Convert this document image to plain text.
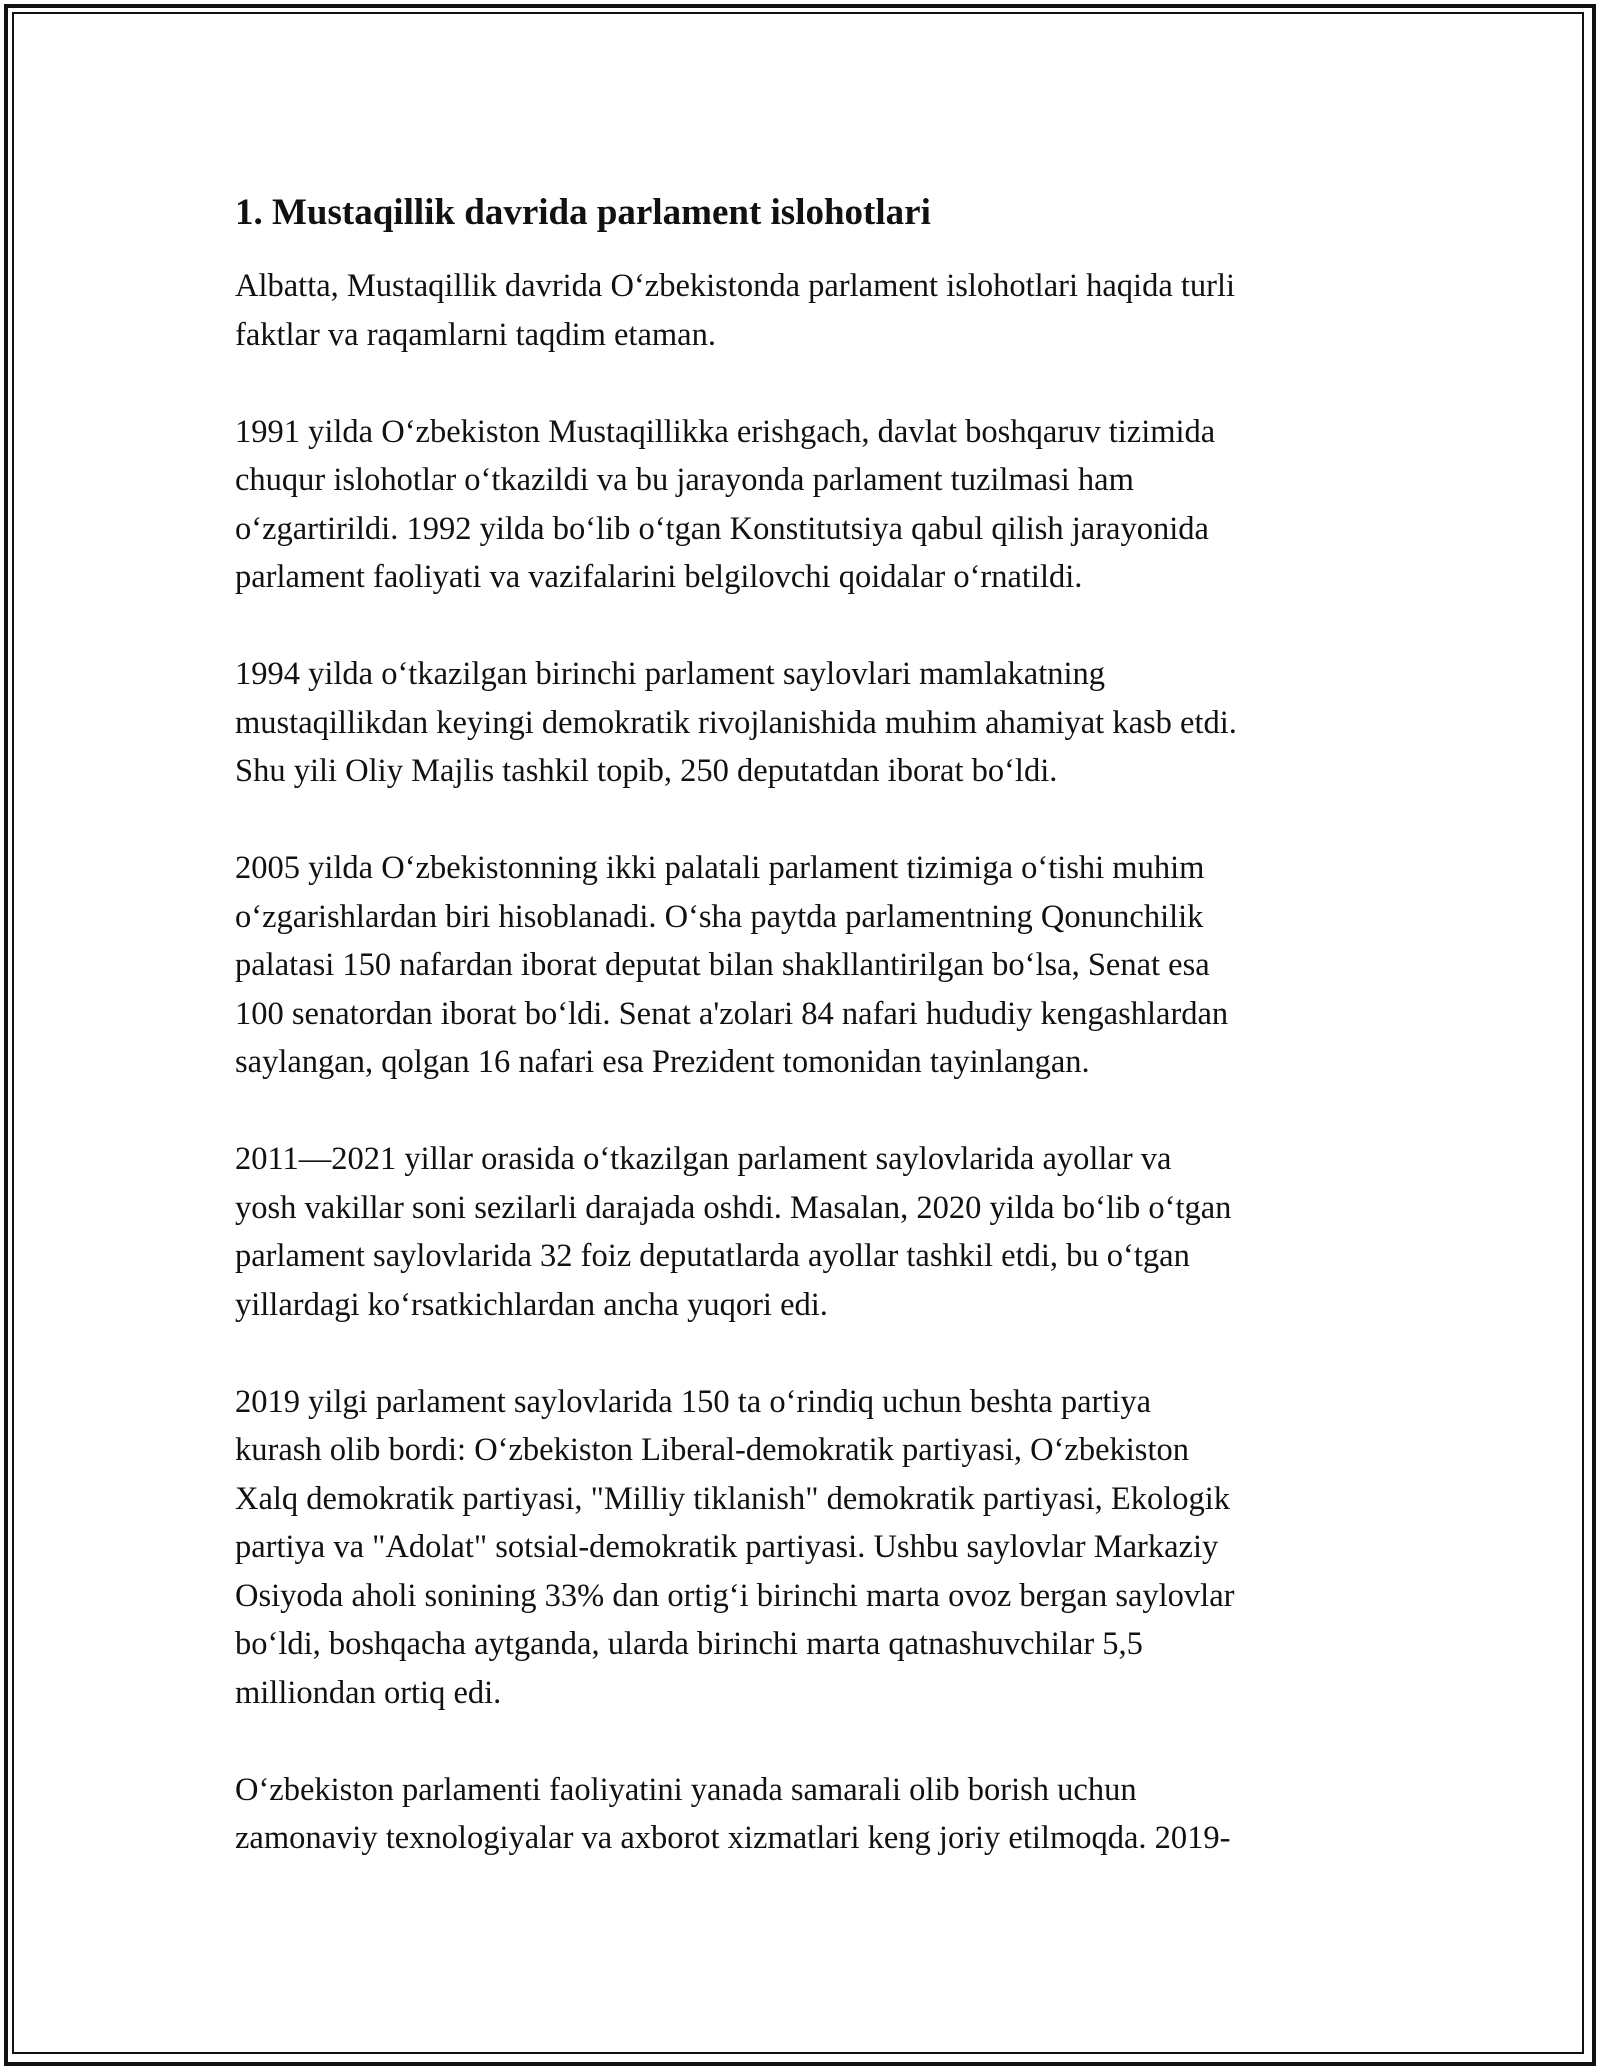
1. Mustaqillik davrida parlament islohotlari
Albatta, Mustaqillik davrida O‘zbekistonda parlament islohotlari haqida turli
faktlar va raqamlarni taqdim etaman.
1991 yilda O‘zbekiston Mustaqillikka erishgach, davlat boshqaruv tizimida
chuqur islohotlar o‘tkazildi va bu jarayonda parlament tuzilmasi ham
o‘zgartirildi. 1992 yilda bo‘lib o‘tgan Konstitutsiya qabul qilish jarayonida
parlament faoliyati va vazifalarini belgilovchi qoidalar o‘rnatildi.
1994 yilda o‘tkazilgan birinchi parlament saylovlari mamlakatning
mustaqillikdan keyingi demokratik rivojlanishida muhim ahamiyat kasb etdi.
Shu yili Oliy Majlis tashkil topib, 250 deputatdan iborat bo‘ldi.
2005 yilda O‘zbekistonning ikki palatali parlament tizimiga o‘tishi muhim
o‘zgarishlardan biri hisoblanadi. O‘sha paytda parlamentning Qonunchilik
palatasi 150 nafardan iborat deputat bilan shakllantirilgan bo‘lsa, Senat esa
100 senatordan iborat bo‘ldi. Senat a'zolari 84 nafari hududiy kengashlardan
saylangan, qolgan 16 nafari esa Prezident tomonidan tayinlangan.
2011—2021 yillar orasida o‘tkazilgan parlament saylovlarida ayollar va
yosh vakillar soni sezilarli darajada oshdi. Masalan, 2020 yilda bo‘lib o‘tgan
parlament saylovlarida 32 foiz deputatlarda ayollar tashkil etdi, bu o‘tgan
yillardagi ko‘rsatkichlardan ancha yuqori edi.
2019 yilgi parlament saylovlarida 150 ta o‘rindiq uchun beshta partiya
kurash olib bordi: O‘zbekiston Liberal-demokratik partiyasi, O‘zbekiston
Xalq demokratik partiyasi, "Milliy tiklanish" demokratik partiyasi, Ekologik
partiya va "Adolat" sotsial-demokratik partiyasi. Ushbu saylovlar Markaziy
Osiyoda aholi sonining 33% dan ortig‘i birinchi marta ovoz bergan saylovlar
bo‘ldi, boshqacha aytganda, ularda birinchi marta qatnashuvchilar 5,5
milliondan ortiq edi.
O‘zbekiston parlamenti faoliyatini yanada samarali olib borish uchun
zamonaviy texnologiyalar va axborot xizmatlari keng joriy etilmoqda. 2019-
